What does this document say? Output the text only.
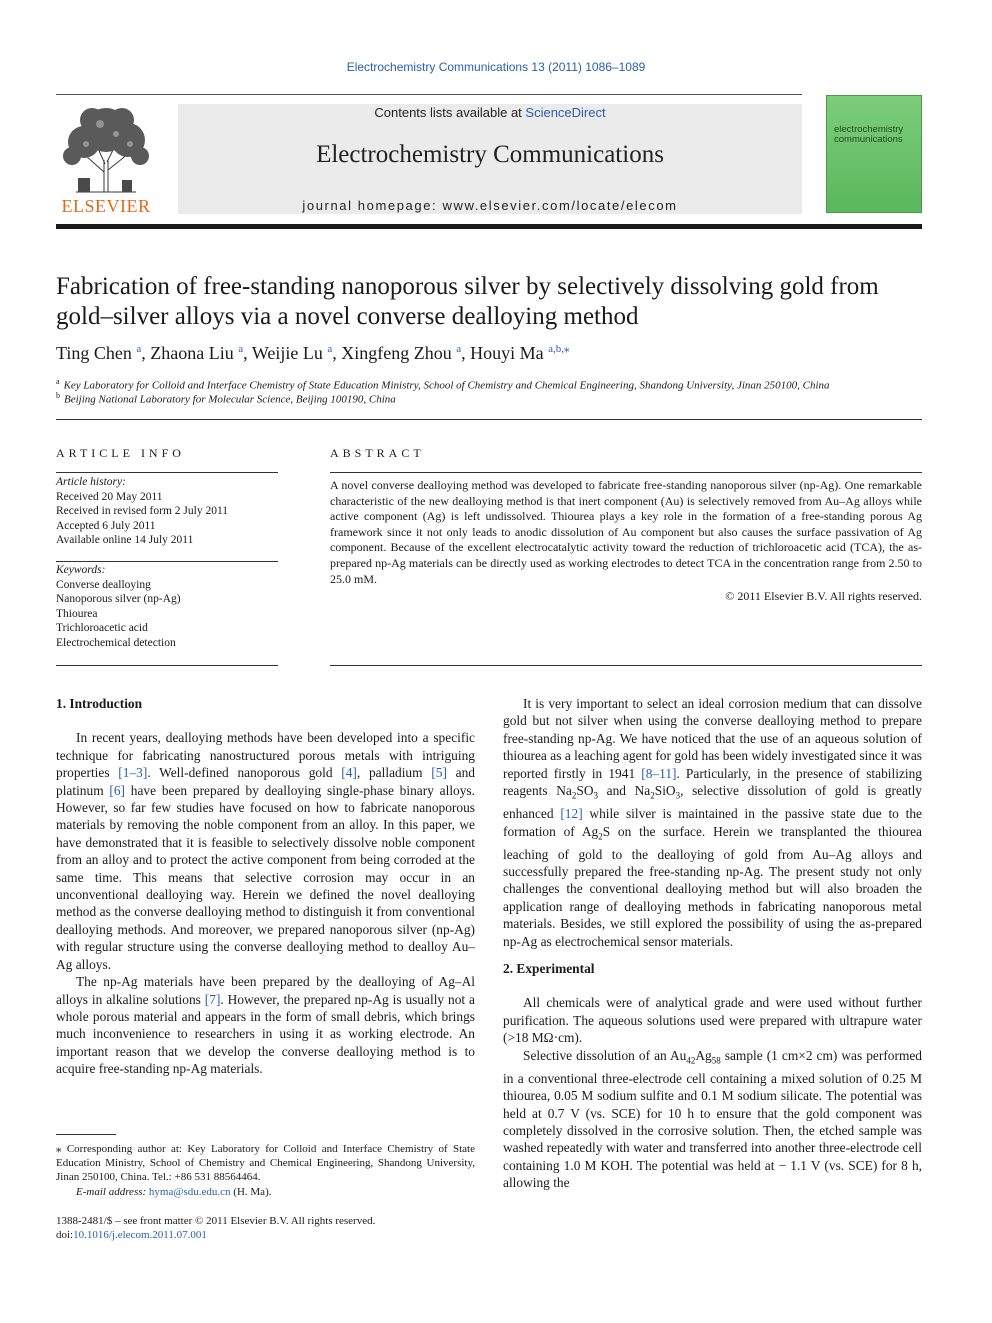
Electrochemistry Communications 13 (2011) 1086–1089
ELSEVIER
Contents lists available at ScienceDirect
Electrochemistry Communications
journal homepage: www.elsevier.com/locate/elecom
electrochemistry communications
Fabrication of free-standing nanoporous silver by selectively dissolving gold from gold–silver alloys via a novel converse dealloying method
Ting Chen $^a$, Zhaona Liu $^a$, Weijie Lu $^a$, Xingfeng Zhou $^a$, Houyi Ma $^{a,b,⁎}$
$^a$ Key Laboratory for Colloid and Interface Chemistry of State Education Ministry, School of Chemistry and Chemical Engineering, Shandong University, Jinan 250100, China
$^b$ Beijing National Laboratory for Molecular Science, Beijing 100190, China
ARTICLE INFO	ABSTRACT
Article history:
Received 20 May 2011
Received in revised form 2 July 2011
Accepted 6 July 2011
Available online 14 July 2011
Keywords:
Converse dealloying
Nanoporous silver (np-Ag)
Thiourea
Trichloroacetic acid
Electrochemical detection
A novel converse dealloying method was developed to fabricate free-standing nanoporous silver (np-Ag). One remarkable characteristic of the new dealloying method is that inert component (Au) is selectively removed from Au–Ag alloys while active component (Ag) is left undissolved. Thiourea plays a key role in the formation of a free-standing porous Ag framework since it not only leads to anodic dissolution of Au component but also causes the surface passivation of Ag component. Because of the excellent electrocatalytic activity toward the reduction of trichloroacetic acid (TCA), the as-prepared np-Ag materials can be directly used as working electrodes to detect TCA in the concentration range from 2.50 to 25.0 mM.
© 2011 Elsevier B.V. All rights reserved.
1. Introduction

In recent years, dealloying methods have been developed into a specific technique for fabricating nanostructured porous metals with intriguing properties [1–3]. Well-defined nanoporous gold [4], palladium [5] and platinum [6] have been prepared by dealloying single-phase binary alloys. However, so far few studies have focused on how to fabricate nanoporous materials by removing the noble component from an alloy. In this paper, we have demonstrated that it is feasible to selectively dissolve noble component from an alloy and to protect the active component from being corroded at the same time. This means that selective corrosion may occur in an unconventional dealloying way. Herein we defined the novel dealloying method as the converse dealloying method to distinguish it from conventional dealloying methods. And moreover, we prepared nanoporous silver (np-Ag) with regular structure using the converse dealloying method to dealloy Au–Ag alloys.

The np-Ag materials have been prepared by the dealloying of Ag–Al alloys in alkaline solutions [7]. However, the prepared np-Ag is usually not a whole porous material and appears in the form of small debris, which brings much inconvenience to researchers in using it as working electrode. An important reason that we develop the converse dealloying method is to acquire free-standing np-Ag materials.

It is very important to select an ideal corrosion medium that can dissolve gold but not silver when using the converse dealloying method to prepare free-standing np-Ag. We have noticed that the use of an aqueous solution of thiourea as a leaching agent for gold has been widely investigated since it was reported firstly in 1941 [8–11]. Particularly, in the presence of stabilizing reagents $Na_2SO_3$ and $Na_2SiO_3$, selective dissolution of gold is greatly enhanced [12] while silver is maintained in the passive state due to the formation of $Ag_2S$ on the surface. Herein we transplanted the thiourea leaching of gold to the dealloying of gold from Au–Ag alloys and successfully prepared the free-standing np-Ag. The present study not only challenges the conventional dealloying method but will also broaden the application range of dealloying methods in fabricating nanoporous metal materials. Besides, we still explored the possibility of using the as-prepared np-Ag as electrochemical sensor materials.

2. Experimental

All chemicals were of analytical grade and were used without further purification. The aqueous solutions used were prepared with ultrapure water (>18 MΩ·cm).

Selective dissolution of an $Au_{42}Ag_{58}$ sample (1 cm×2 cm) was performed in a conventional three-electrode cell containing a mixed solution of 0.25 M thiourea, 0.05 M sodium sulfite and 0.1 M sodium silicate. The potential was held at 0.7 V (vs. SCE) for 10 h to ensure that the gold component was completely dissolved in the corrosive solution. Then, the etched sample was washed repeatedly with water and transferred into another three-electrode cell containing 1.0 M KOH. The potential was held at − 1.1 V (vs. SCE) for 8 h, allowing the

⁎ Corresponding author at: Key Laboratory for Colloid and Interface Chemistry of State Education Ministry, School of Chemistry and Chemical Engineering, Shandong University, Jinan 250100, China. Tel.: +86 531 88564464.
E-mail address: hyma@sdu.edu.cn (H. Ma).
1388-2481/$ – see front matter © 2011 Elsevier B.V. All rights reserved.
doi:10.1016/j.elecom.2011.07.001
